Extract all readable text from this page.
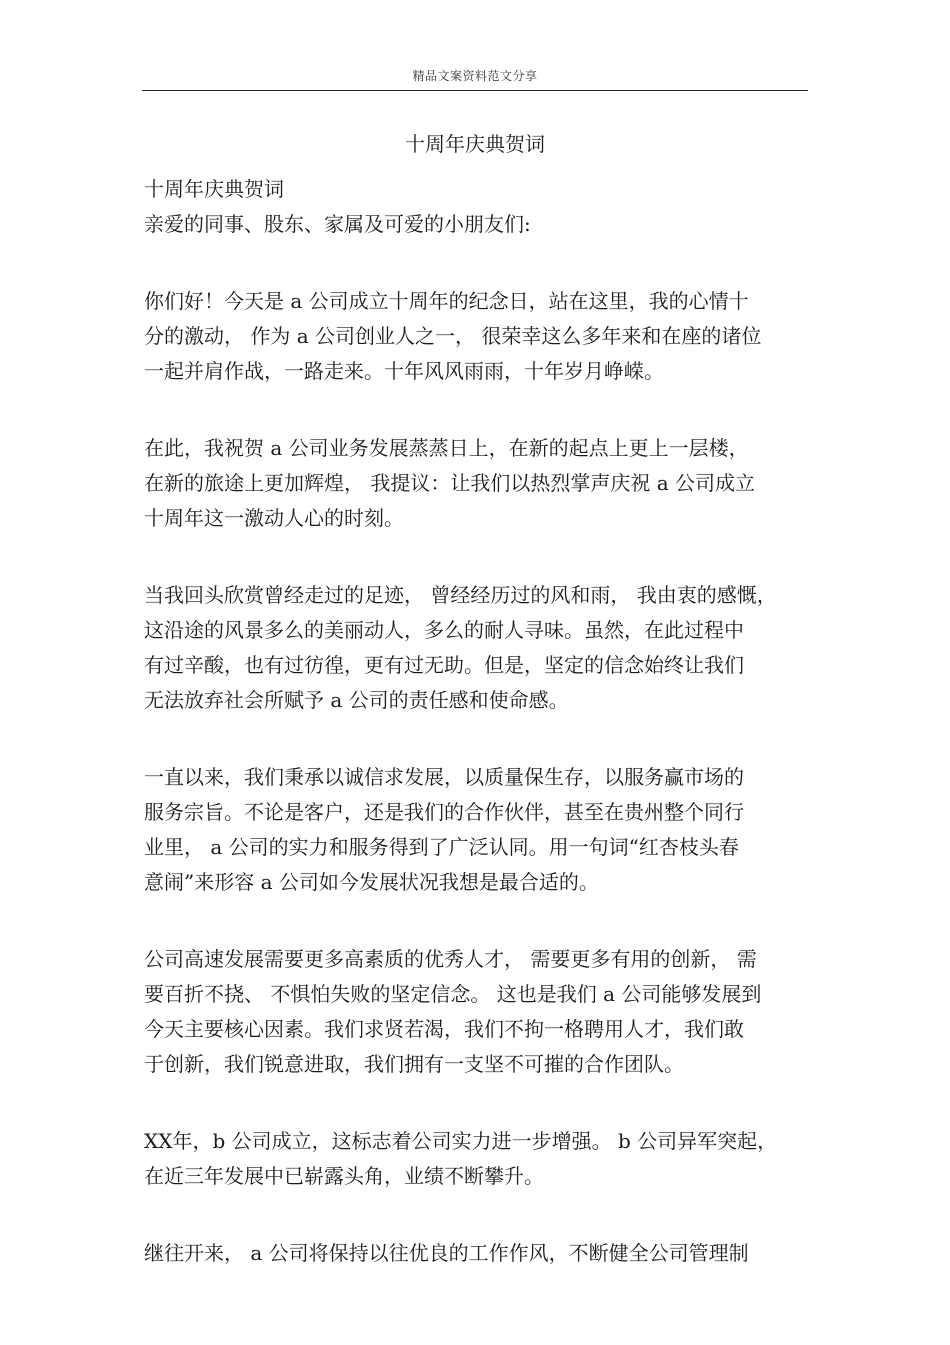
精品文案资料范文分享
十周年庆典贺词

十周年庆典贺词

亲爱的同事、股东、家属及可爱的小朋友们:

你们好！今天是 a 公司成立十周年的纪念日，站在这里，我的心情十

分的激动， 作为 a 公司创业人之一， 很荣幸这么多年来和在座的诸位

一起并肩作战，一路走来。十年风风雨雨，十年岁月峥嵘。

在此，我祝贺 a 公司业务发展蒸蒸日上，在新的起点上更上一层楼，

在新的旅途上更加辉煌， 我提议：让我们以热烈掌声庆祝 a 公司成立

十周年这一激动人心的时刻。

当我回头欣赏曾经走过的足迹， 曾经经历过的风和雨， 我由衷的感慨，

这沿途的风景多么的美丽动人，多么的耐人寻味。虽然，在此过程中

有过辛酸，也有过彷徨，更有过无助。但是，坚定的信念始终让我们

无法放弃社会所赋予 a 公司的责任感和使命感。

一直以来，我们秉承以诚信求发展，以质量保生存，以服务赢市场的

服务宗旨。不论是客户，还是我们的合作伙伴，甚至在贵州整个同行

业里， a 公司的实力和服务得到了广泛认同。用一句词“红杏枝头春

意闹”来形容 a 公司如今发展状况我想是最合适的。

公司高速发展需要更多高素质的优秀人才， 需要更多有用的创新， 需

要百折不挠、 不惧怕失败的坚定信念。 这也是我们 a 公司能够发展到

今天主要核心因素。我们求贤若渴，我们不拘一格聘用人才，我们敢

于创新，我们锐意进取，我们拥有一支坚不可摧的合作团队。

XX年，b 公司成立，这标志着公司实力进一步增强。 b 公司异军突起，

在近三年发展中已崭露头角，业绩不断攀升。

继往开来， a 公司将保持以往优良的工作作风，不断健全公司管理制
